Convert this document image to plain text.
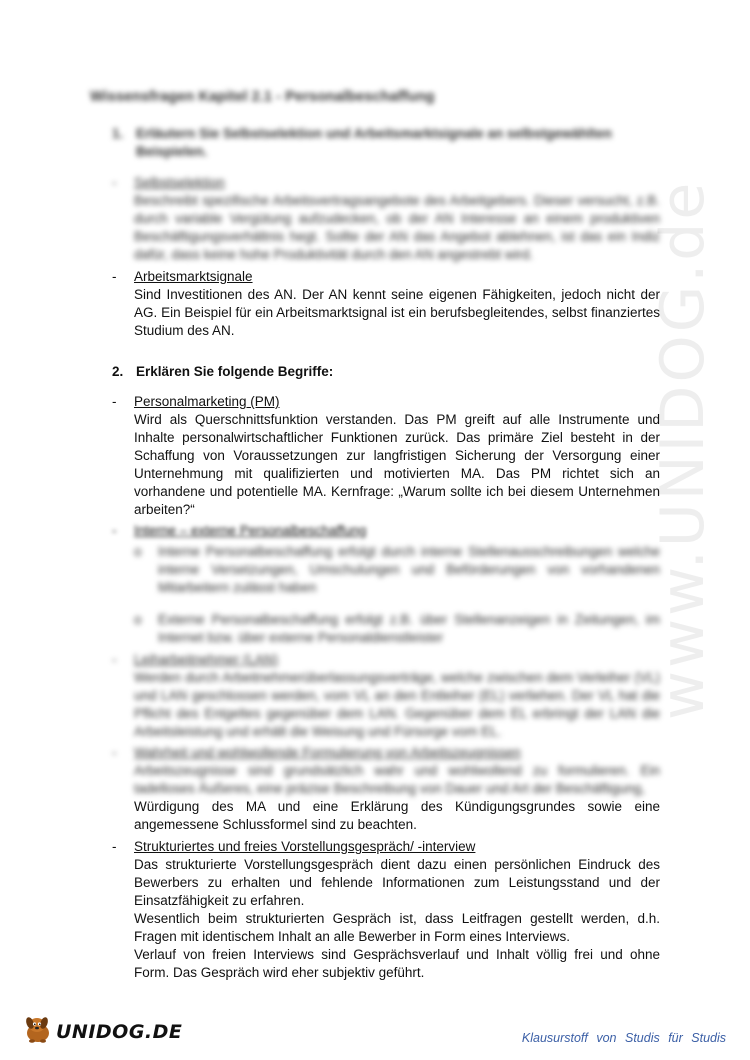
www.UNIDOG.de
Wissensfragen Kapitel 2.1 - Personalbeschaffung
1. Erläutern Sie Selbstselektion und Arbeitsmarktsignale an selbstgewählten Beispielen.
- Selbstselektion
Beschreibt spezifische Arbeitsvertragsangebote des Arbeitgebers. Dieser versucht, z.B. durch variable Vergütung aufzudecken, ob der AN Interesse an einem produktiven Beschäftigungsverhältnis hegt. Sollte der AN das Angebot ablehnen, ist das ein Indiz dafür, dass keine hohe Produktivität durch den AN angestrebt wird.
- Arbeitsmarktsignale
Sind Investitionen des AN. Der AN kennt seine eigenen Fähigkeiten, jedoch nicht der AG. Ein Beispiel für ein Arbeitsmarktsignal ist ein berufsbegleitendes, selbst finanziertes Studium des AN.
2. Erklären Sie folgende Begriffe:
- Personalmarketing (PM)
Wird als Querschnittsfunktion verstanden. Das PM greift auf alle Instrumente und Inhalte personalwirtschaftlicher Funktionen zurück. Das primäre Ziel besteht in der Schaffung von Voraussetzungen zur langfristigen Sicherung der Versorgung einer Unternehmung mit qualifizierten und motivierten MA. Das PM richtet sich an vorhandene und potentielle MA. Kernfrage: „Warum sollte ich bei diesem Unternehmen arbeiten?“
- Interne – externe Personalbeschaffung
o Interne Personalbeschaffung erfolgt durch interne Stellenausschreibungen welche interne Versetzungen, Umschulungen und Beförderungen von vorhandenen Mitarbeitern zulässt haben
o Externe Personalbeschaffung erfolgt z.B. über Stellenanzeigen in Zeitungen, im Internet bzw. über externe Personaldienstleister
- Leiharbeitnehmer (LAN)
Werden durch Arbeitnehmerüberlassungsverträge, welche zwischen dem Verleiher (VL) und LAN geschlossen werden, vom VL an den Entleiher (EL) verliehen. Der VL hat die Pflicht des Entgeltes gegenüber dem LAN. Gegenüber dem EL erbringt der LAN die Arbeitsleistung und erhält die Weisung und Fürsorge vom EL.
- Wahrheit und wohlwollende Formulierung von Arbeitszeugnissen
Arbeitszeugnisse sind grundsätzlich wahr und wohlwollend zu formulieren. Ein tadelloses Äußeres, eine präzise Beschreibung von Dauer und Art der Beschäftigung,
Würdigung des MA und eine Erklärung des Kündigungsgrundes sowie eine angemessene Schlussformel sind zu beachten.
- Strukturiertes und freies Vorstellungsgespräch/ -interview
Das strukturierte Vorstellungsgespräch dient dazu einen persönlichen Eindruck des Bewerbers zu erhalten und fehlende Informationen zum Leistungsstand und der Einsatzfähigkeit zu erfahren.
Wesentlich beim strukturierten Gespräch ist, dass Leitfragen gestellt werden, d.h. Fragen mit identischem Inhalt an alle Bewerber in Form eines Interviews.
Verlauf von freien Interviews sind Gesprächsverlauf und Inhalt völlig frei und ohne Form. Das Gespräch wird eher subjektiv geführt.
UNIDOG.DE	Klausurstoff von Studis für Studis
